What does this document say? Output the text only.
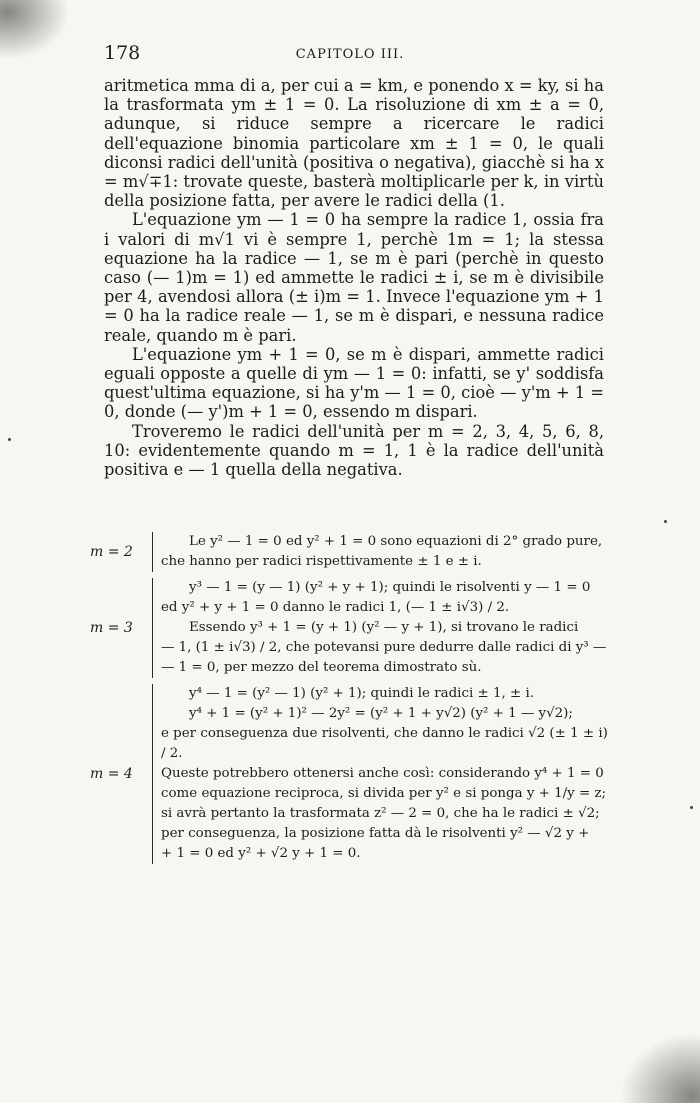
178	CAPITOLO III.

aritmetica mma di a, per cui a = km, e ponendo x = ky, si ha la trasformata ym ± 1 = 0. La risoluzione di xm ± a = 0, adunque, si riduce sempre a ricercare le radici dell'equazione binomia particolare xm ± 1 = 0, le quali diconsi radici dell'unità (positiva o negativa), giacchè si ha x = m√∓1: trovate queste, basterà moltiplicarle per k, in virtù della posizione fatta, per avere le radici della (1.

L'equazione ym — 1 = 0 ha sempre la radice 1, ossia fra i valori di m√1 vi è sempre 1, perchè 1m = 1; la stessa equazione ha la radice — 1, se m è pari (perchè in questo caso (— 1)m = 1) ed ammette le radici ± i, se m è divisibile per 4, avendosi allora (± i)m = 1. Invece l'equazione ym + 1 = 0 ha la radice reale — 1, se m è dispari, e nessuna radice reale, quando m è pari.

L'equazione ym + 1 = 0, se m è dispari, ammette radici eguali opposte a quelle di ym — 1 = 0: infatti, se y' soddisfa quest'ultima equazione, si ha y'm — 1 = 0, cioè — y'm + 1 = 0, donde (— y')m + 1 = 0, essendo m dispari.

Troveremo le radici dell'unità per m = 2, 3, 4, 5, 6, 8, 10: evidentemente quando m = 1, 1 è la radice dell'unità positiva e — 1 quella della negativa.

m = 2
Le y² — 1 = 0 ed y² + 1 = 0 sono equazioni di 2° grado pure, che hanno per radici rispettivamente ± 1 e ± i.
m = 3
y³ — 1 = (y — 1) (y² + y + 1); quindi le risolventi y — 1 = 0
ed y² + y + 1 = 0 danno le radici 1, (— 1 ± i√3) / 2.
Essendo y³ + 1 = (y + 1) (y² — y + 1), si trovano le radici
— 1, (1 ± i√3) / 2, che potevansi pure dedurre dalle radici di y³ —
— 1 = 0, per mezzo del teorema dimostrato sù.
m = 4
y⁴ — 1 = (y² — 1) (y² + 1); quindi le radici ± 1, ± i.
y⁴ + 1 = (y² + 1)² — 2y² = (y² + 1 + y√2) (y² + 1 — y√2);
e per conseguenza due risolventi, che danno le radici √2 (± 1 ± i) / 2.
Queste potrebbero ottenersi anche così: considerando y⁴ + 1 = 0
come equazione reciproca, si divida per y² e si ponga y + 1/y = z;
si avrà pertanto la trasformata z² — 2 = 0, che ha le radici ± √2;
per conseguenza, la posizione fatta dà le risolventi y² — √2 y +
+ 1 = 0 ed y² + √2 y + 1 = 0.
